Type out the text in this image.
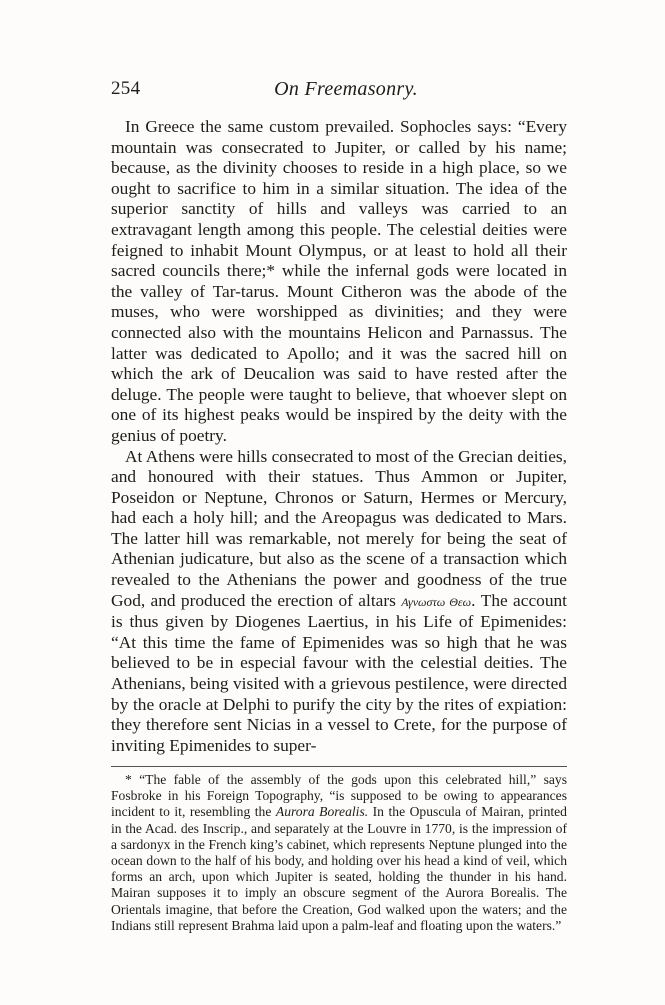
254	On Freemasonry.

In Greece the same custom prevailed. Sophocles says: “Every mountain was consecrated to Jupiter, or called by his name; because, as the divinity chooses to reside in a high place, so we ought to sacrifice to him in a similar situation. The idea of the superior sanctity of hills and valleys was carried to an extravagant length among this people. The celestial deities were feigned to inhabit Mount Olympus, or at least to hold all their sacred councils there;* while the infernal gods were located in the valley of Tar-tarus. Mount Citheron was the abode of the muses, who were worshipped as divinities; and they were connected also with the mountains Helicon and Parnassus. The latter was dedicated to Apollo; and it was the sacred hill on which the ark of Deucalion was said to have rested after the deluge. The people were taught to believe, that whoever slept on one of its highest peaks would be inspired by the deity with the genius of poetry.

At Athens were hills consecrated to most of the Grecian deities, and honoured with their statues. Thus Ammon or Jupiter, Poseidon or Neptune, Chronos or Saturn, Hermes or Mercury, had each a holy hill; and the Areopagus was dedicated to Mars. The latter hill was remarkable, not merely for being the seat of Athenian judicature, but also as the scene of a transaction which revealed to the Athenians the power and goodness of the true God, and produced the erection of altars Αγνωστω Θεω. The account is thus given by Diogenes Laertius, in his Life of Epimenides: “At this time the fame of Epimenides was so high that he was believed to be in especial favour with the celestial deities. The Athenians, being visited with a grievous pestilence, were directed by the oracle at Delphi to purify the city by the rites of expiation: they therefore sent Nicias in a vessel to Crete, for the purpose of inviting Epimenides to super-

* “The fable of the assembly of the gods upon this celebrated hill,” says Fosbroke in his Foreign Topography, “is supposed to be owing to appearances incident to it, resembling the Aurora Borealis. In the Opuscula of Mairan, printed in the Acad. des Inscrip., and separately at the Louvre in 1770, is the impression of a sardonyx in the French king’s cabinet, which represents Neptune plunged into the ocean down to the half of his body, and holding over his head a kind of veil, which forms an arch, upon which Jupiter is seated, holding the thunder in his hand. Mairan supposes it to imply an obscure segment of the Aurora Borealis. The Orientals imagine, that before the Creation, God walked upon the waters; and the Indians still represent Brahma laid upon a palm-leaf and floating upon the waters.”
